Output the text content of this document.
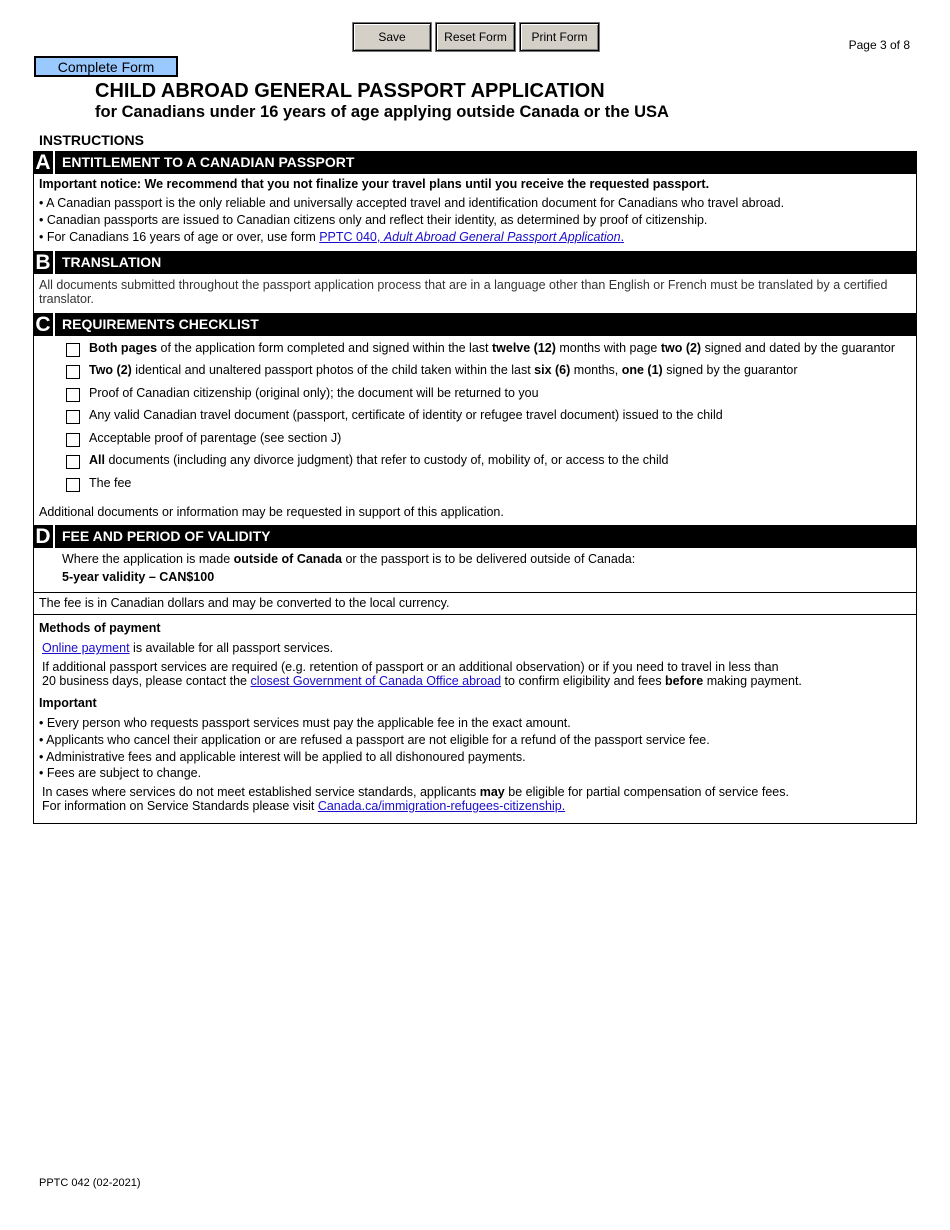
Save	Reset Form	Print Form
Page 3 of 8
Complete Form
CHILD ABROAD GENERAL PASSPORT APPLICATION
for Canadians under 16 years of age applying outside Canada or the USA
INSTRUCTIONS
A ENTITLEMENT TO A CANADIAN PASSPORT
Important notice: We recommend that you not finalize your travel plans until you receive the requested passport.
• A Canadian passport is the only reliable and universally accepted travel and identification document for Canadians who travel abroad.
• Canadian passports are issued to Canadian citizens only and reflect their identity, as determined by proof of citizenship.
• For Canadians 16 years of age or over, use form PPTC 040, Adult Abroad General Passport Application.
B TRANSLATION
All documents submitted throughout the passport application process that are in a language other than English or French must be translated by a certified
translator.
C REQUIREMENTS CHECKLIST
Both pages of the application form completed and signed within the last twelve (12) months with page two (2) signed and dated by the guarantor
Two (2) identical and unaltered passport photos of the child taken within the last six (6) months, one (1) signed by the guarantor
Proof of Canadian citizenship (original only); the document will be returned to you
Any valid Canadian travel document (passport, certificate of identity or refugee travel document) issued to the child
Acceptable proof of parentage (see section J)
All documents (including any divorce judgment) that refer to custody of, mobility of, or access to the child
The fee
Additional documents or information may be requested in support of this application.
D FEE AND PERIOD OF VALIDITY
Where the application is made outside of Canada or the passport is to be delivered outside of Canada:
5-year validity – CAN$100
The fee is in Canadian dollars and may be converted to the local currency.
Methods of payment
Online payment is available for all passport services.
If additional passport services are required (e.g. retention of passport or an additional observation) or if you need to travel in less than
20 business days, please contact the closest Government of Canada Office abroad to confirm eligibility and fees before making payment.
Important
• Every person who requests passport services must pay the applicable fee in the exact amount.
• Applicants who cancel their application or are refused a passport are not eligible for a refund of the passport service fee.
• Administrative fees and applicable interest will be applied to all dishonoured payments.
• Fees are subject to change.
In cases where services do not meet established service standards, applicants may be eligible for partial compensation of service fees.
For information on Service Standards please visit Canada.ca/immigration-refugees-citizenship.
PPTC 042 (02-2021)
